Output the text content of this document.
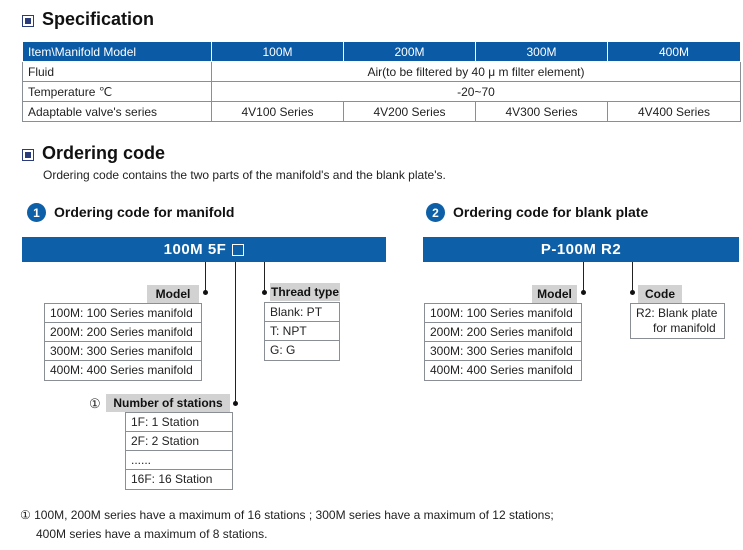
Specification
Item\Manifold Model	100M	200M	300M	400M
Fluid	Air(to be filtered by 40 μ m filter element)			
Temperature ℃	-20~70			
Adaptable valve's series	4V100 Series	4V200 Series	4V300 Series	4V400 Series
Ordering code
Ordering code contains the two parts of the manifold's and the blank plate's.
1	Ordering code for manifold
100M 5F
Model
100M: 100 Series manifold
200M: 200 Series manifold
300M: 300 Series manifold
400M: 400 Series manifold
Thread type
Blank: PT
T: NPT
G: G
①	Number of stations
1F: 1 Station
2F: 2 Station
......
16F: 16 Station
2	Ordering code for blank plate
P-100M R2
Model
100M: 100 Series manifold
200M: 200 Series manifold
300M: 300 Series manifold
400M: 400 Series manifold
Code
R2: Blank plate
for manifold
① 100M, 200M series have a maximum of 16 stations ; 300M series have a maximum of 12 stations;
400M series have a maximum of 8 stations.
